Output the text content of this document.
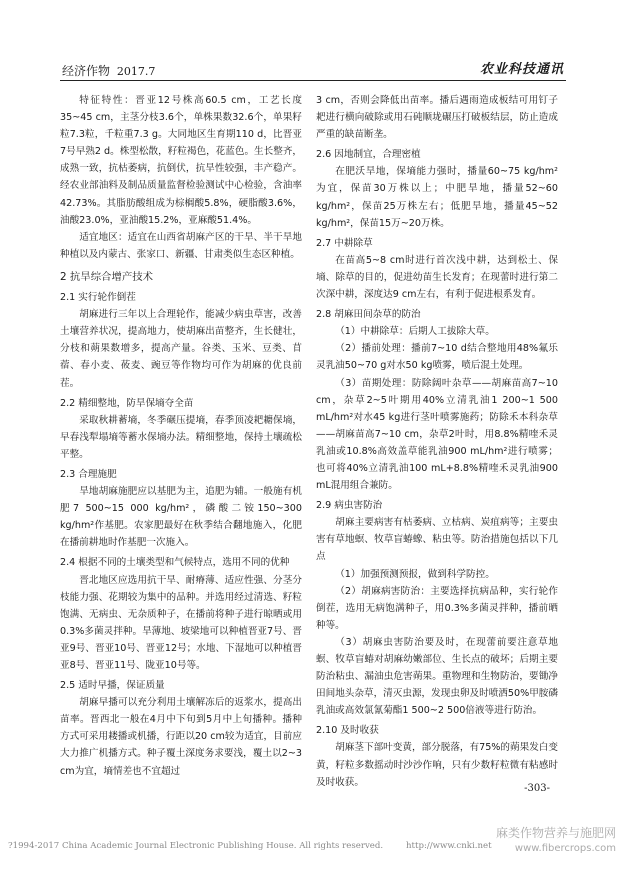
经济作物 2017.7	农业科技通讯

特征特性：晋亚12号株高60.5 cm，工艺长度35~45 cm，主茎分枝3.6个，单株果数32.6个，单果籽粒7.3粒，千粒重7.3 g。大同地区生育期110 d，比晋亚7号早熟2 d。株型松散，籽粒褐色，花蓝色。生长整齐，成熟一致，抗枯萎病，抗倒伏，抗旱性较强，丰产稳产。经农业部油料及制品质量监督检验测试中心检验，含油率42.73%。其脂肪酸组成为棕榈酸5.8%，硬脂酸3.6%，油酸23.0%，亚油酸15.2%，亚麻酸51.4%。

适宜地区：适宜在山西省胡麻产区的干旱、半干旱地种植以及内蒙古、张家口、新疆、甘肃类似生态区种植。

2 抗旱综合增产技术

2.1 实行轮作倒茬

胡麻进行三年以上合理轮作，能减少病虫草害，改善土壤营养状况，提高地力，使胡麻出苗整齐，生长健壮，分枝和蒴果数增多，提高产量。谷类、玉米、豆类、苜蓿、春小麦、莜麦、豌豆等作物均可作为胡麻的优良前茬。

2.2 精细整地，防旱保墒夺全苗

采取秋耕蓄墒，冬季碾压提墒，春季顶凌耙耱保墒，早春浅犁塌墒等蓄水保墒办法。精细整地，保持土壤疏松平整。

2.3 合理施肥

旱地胡麻施肥应以基肥为主，追肥为辅。一般施有机肥7 500~15 000 kg/hm²，磷酸二铵150~300 kg/hm²作基肥。农家肥最好在秋季结合翻地施入，化肥在播前耕地时作基肥一次施入。

2.4 根据不同的土壤类型和气候特点，选用不同的优种

晋北地区应选用抗干旱、耐瘠薄、适应性强、分茎分枝能力强、花期较为集中的品种。并选用经过清选、籽粒饱满、无病虫、无杂质种子，在播前将种子进行晾晒或用0.3%多菌灵拌种。旱薄地、坡梁地可以种植晋亚7号、晋亚9号、晋亚10号、晋亚12号；水地、下湿地可以种植晋亚8号、晋亚11号、陇亚10号等。

2.5 适时早播，保证质量

胡麻早播可以充分利用土壤解冻后的返浆水，提高出苗率。晋西北一般在4月中下旬到5月中上旬播种。播种方式可采用耧播或机播，行距以20 cm较为适宜，目前应大力推广机播方式。种子覆土深度务求要浅，覆土以2~3 cm为宜，墒情差也不宜超过

3 cm，否则会降低出苗率。播后遇雨造成板结可用钉子耙进行横向破除或用石砘顺垅碾压打破板结层，防止造成严重的缺苗断垄。

2.6 因地制宜，合理密植

在肥沃旱地，保墒能力强时，播量60~75 kg/hm²为宜，保苗30万株以上；中肥旱地，播量52~60 kg/hm²，保苗25万株左右；低肥旱地，播量45~52 kg/hm²，保苗15万~20万株。

2.7 中耕除草

在苗高5~8 cm时进行首次浅中耕，达到松土、保墒、除草的目的，促进幼苗生长发育；在现蕾时进行第二次深中耕，深度达9 cm左右，有利于促进根系发育。

2.8 胡麻田间杂草的防治

（1）中耕除草：后期人工拔除大草。

（2）播前处理：播前7~10 d结合整地用48%氟乐灵乳油50~70 g对水50 kg喷雾，喷后混土处理。

（3）苗期处理：防除阔叶杂草——胡麻苗高7~10 cm，杂草2~5叶期用40%立清乳油1 200~1 500 mL/hm²对水45 kg进行茎叶喷雾施药；防除禾本科杂草——胡麻苗高7~10 cm，杂草2叶时，用8.8%精喹禾灵乳油或10.8%高效盖草能乳油900 mL/hm²进行喷雾；也可将40%立清乳油100 mL+8.8%精喹禾灵乳油900 mL混用组合兼防。

2.9 病虫害防治

胡麻主要病害有枯萎病、立枯病、炭疽病等；主要虫害有草地螟、牧草盲蝽蟓、粘虫等。防治措施包括以下几点

（1）加强预测预报，做到科学防控。

（2）胡麻病害防治：主要选择抗病品种，实行轮作倒茬，选用无病饱满种子，用0.3%多菌灵拌种，播前晒种等。

（3）胡麻虫害防治要及时，在现蕾前要注意草地螟、牧草盲蝽对胡麻幼嫩部位、生长点的破坏；后期主要防治粘虫、漏油虫危害蒴果。重物理和生物防治，要锄净田间地头杂草，清灭虫源，发现虫卵及时喷洒50%甲胺磷乳油或高效氯氰菊酯1 500~2 500倍液等进行防治。

2.10 及时收获

胡麻茎下部叶变黄，部分脱落，有75%的蒴果发白变黄，籽粒多数摇动时沙沙作响，只有少数籽粒微有粘感时及时收获。

-303-
?1994-2017 China Academic Journal Electronic Publishing House. All rights reserved.	http://www.cnki.net
麻类作物营养与施肥网
www.fibercrops.com
